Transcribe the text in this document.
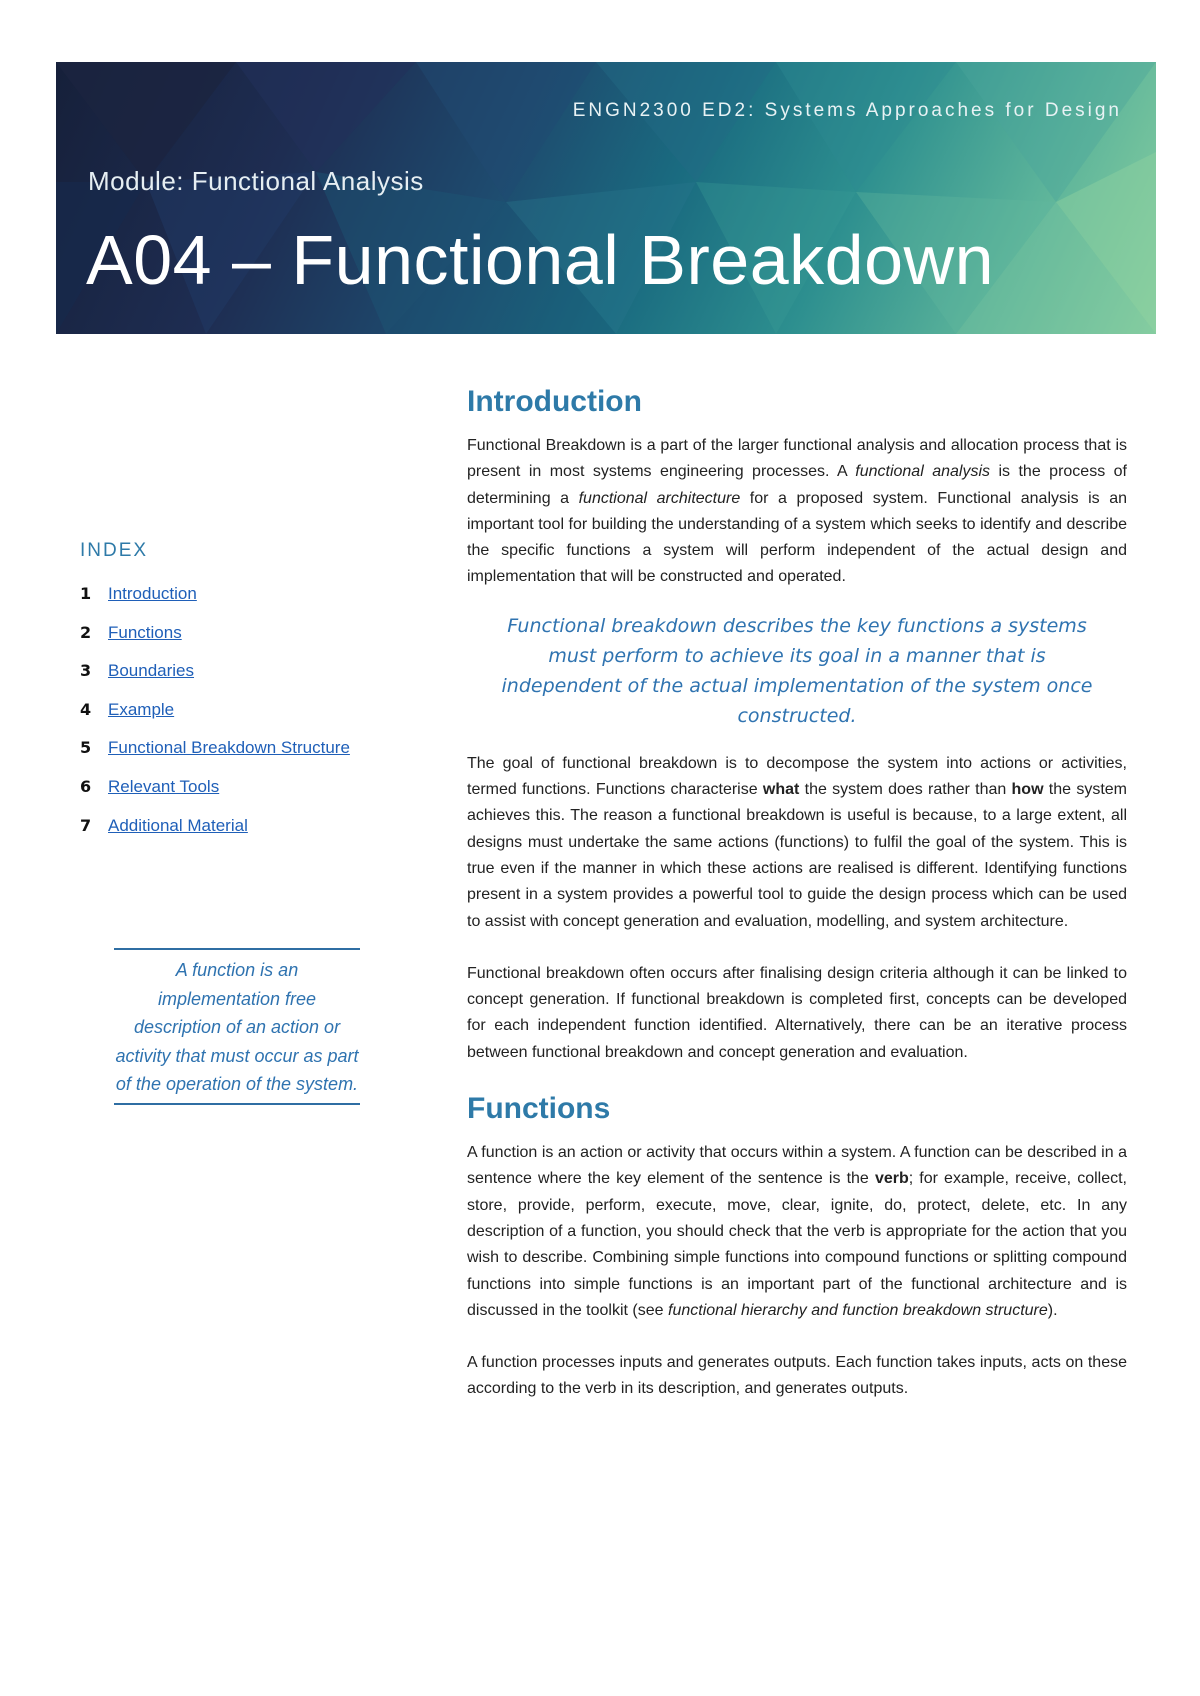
ENGN2300 ED2: Systems Approaches for Design
Module: Functional Analysis
A04 – Functional Breakdown
INDEX
1 Introduction
2 Functions
3 Boundaries
4 Example
5 Functional Breakdown Structure
6 Relevant Tools
7 Additional Material
A function is an implementation free description of an action or activity that must occur as part of the operation of the system.
Introduction

Functional Breakdown is a part of the larger functional analysis and allocation process that is present in most systems engineering processes. A functional analysis is the process of determining a functional architecture for a proposed system. Functional analysis is an important tool for building the understanding of a system which seeks to identify and describe the specific functions a system will perform independent of the actual design and implementation that will be constructed and operated.

Functional breakdown describes the key functions a systems must perform to achieve its goal in a manner that is independent of the actual implementation of the system once constructed.

The goal of functional breakdown is to decompose the system into actions or activities, termed functions. Functions characterise what the system does rather than how the system achieves this. The reason a functional breakdown is useful is because, to a large extent, all designs must undertake the same actions (functions) to fulfil the goal of the system. This is true even if the manner in which these actions are realised is different. Identifying functions present in a system provides a powerful tool to guide the design process which can be used to assist with concept generation and evaluation, modelling, and system architecture.

Functional breakdown often occurs after finalising design criteria although it can be linked to concept generation. If functional breakdown is completed first, concepts can be developed for each independent function identified. Alternatively, there can be an iterative process between functional breakdown and concept generation and evaluation.

Functions

A function is an action or activity that occurs within a system. A function can be described in a sentence where the key element of the sentence is the verb; for example, receive, collect, store, provide, perform, execute, move, clear, ignite, do, protect, delete, etc. In any description of a function, you should check that the verb is appropriate for the action that you wish to describe. Combining simple functions into compound functions or splitting compound functions into simple functions is an important part of the functional architecture and is discussed in the toolkit (see functional hierarchy and function breakdown structure).

A function processes inputs and generates outputs. Each function takes inputs, acts on these according to the verb in its description, and generates outputs.
